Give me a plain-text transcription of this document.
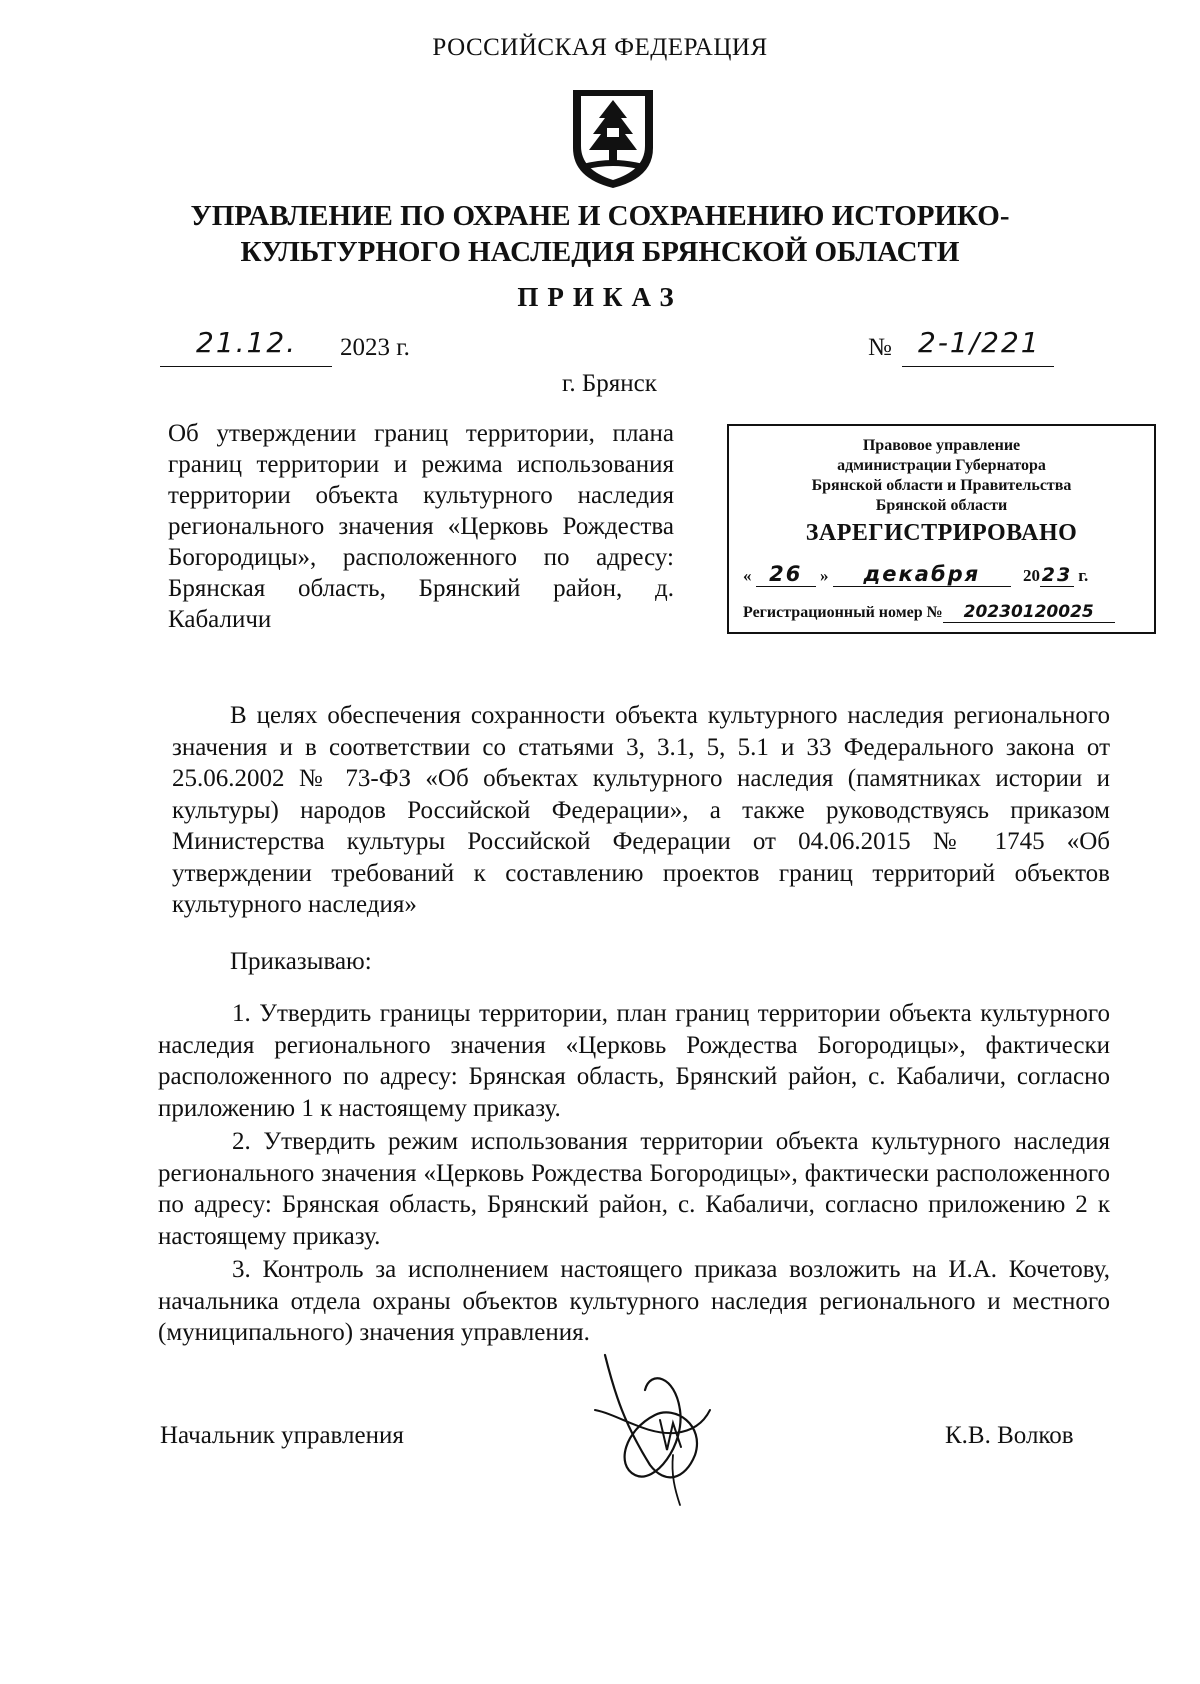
РОССИЙСКАЯ ФЕДЕРАЦИЯ
УПРАВЛЕНИЕ ПО ОХРАНЕ И СОХРАНЕНИЮ ИСТОРИКО-
КУЛЬТУРНОГО НАСЛЕДИЯ БРЯНСКОЙ ОБЛАСТИ
ПРИКАЗ
21.12. 2023 г.	№ 2-1/221
г. Брянск
Об утверждении границ территории, плана границ территории и режима использования территории объекта культурного наследия регионального значения «Церковь Рождества Богородицы», расположенного по адресу: Брянская область, Брянский район, д. Кабаличи
Правовое управление
администрации Губернатора
Брянской области и Правительства
Брянской области
ЗАРЕГИСТРИРОВАНО
« 26 » декабря	2023 г.
Регистрационный номер № 20230120025
В целях обеспечения сохранности объекта культурного наследия регионального значения и в соответствии со статьями 3, 3.1, 5, 5.1 и 33 Федерального закона от 25.06.2002 № 73-ФЗ «Об объектах культурного наследия (памятниках истории и культуры) народов Российской Федерации», а также руководствуясь приказом Министерства культуры Российской Федерации от 04.06.2015 № 1745 «Об утверждении требований к составлению проектов границ территорий объектов культурного наследия»
Приказываю:
1. Утвердить границы территории, план границ территории объекта культурного наследия регионального значения «Церковь Рождества Богородицы», фактически расположенного по адресу: Брянская область, Брянский район, с. Кабаличи, согласно приложению 1 к настоящему приказу.
2. Утвердить режим использования территории объекта культурного наследия регионального значения «Церковь Рождества Богородицы», фактически расположенного по адресу: Брянская область, Брянский район, с. Кабаличи, согласно приложению 2 к настоящему приказу.
3. Контроль за исполнением настоящего приказа возложить на И.А. Кочетову, начальника отдела охраны объектов культурного наследия регионального и местного (муниципального) значения управления.
Начальник управления	К.В. Волков
